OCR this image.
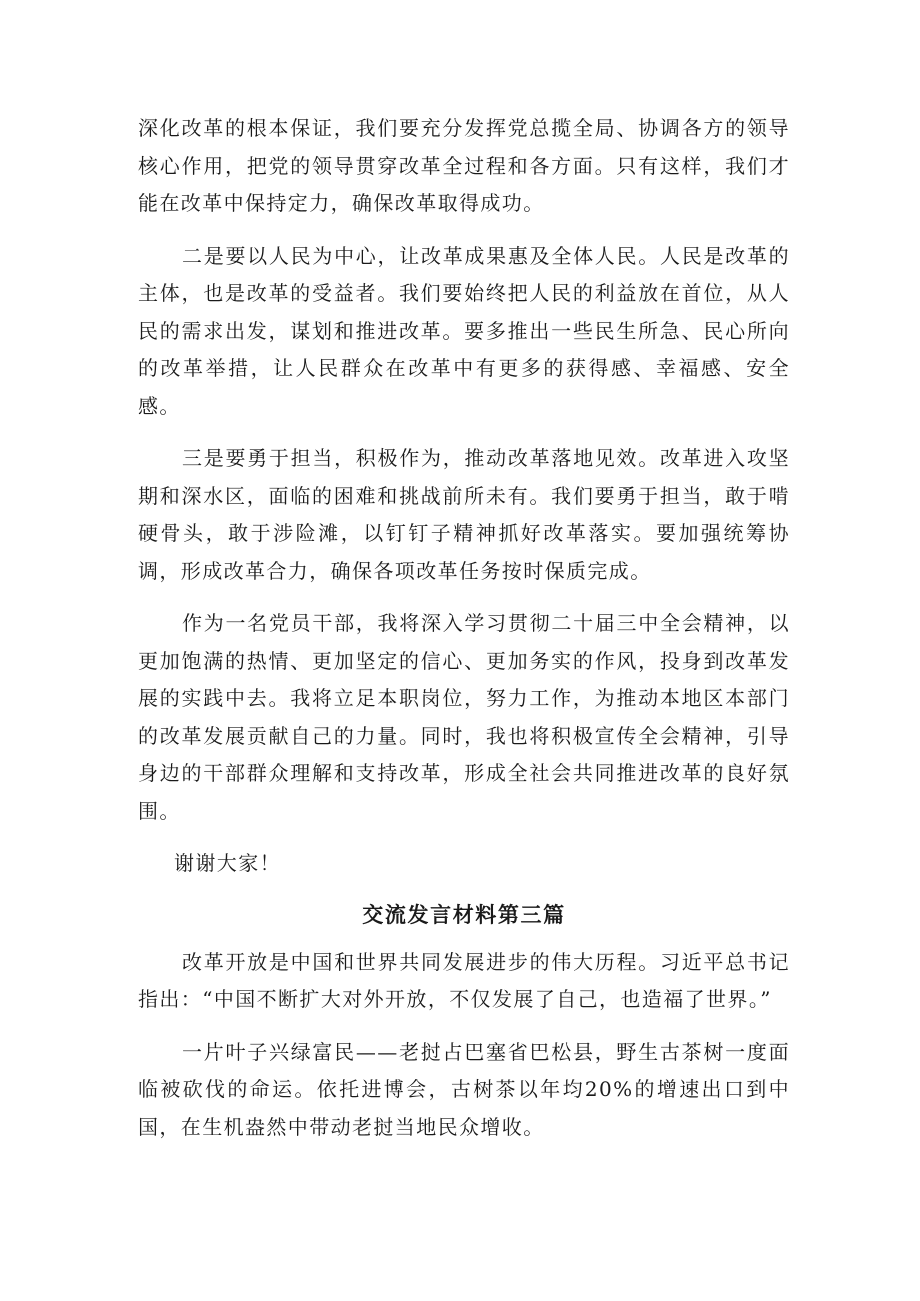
深化改革的根本保证，我们要充分发挥党总揽全局、协调各方的领导核心作用，把党的领导贯穿改革全过程和各方面。只有这样，我们才能在改革中保持定力，确保改革取得成功。

二是要以人民为中心，让改革成果惠及全体人民。人民是改革的主体，也是改革的受益者。我们要始终把人民的利益放在首位，从人民的需求出发，谋划和推进改革。要多推出一些民生所急、民心所向的改革举措，让人民群众在改革中有更多的获得感、幸福感、安全感。

三是要勇于担当，积极作为，推动改革落地见效。改革进入攻坚期和深水区，面临的困难和挑战前所未有。我们要勇于担当，敢于啃硬骨头，敢于涉险滩，以钉钉子精神抓好改革落实。要加强统筹协调，形成改革合力，确保各项改革任务按时保质完成。

作为一名党员干部，我将深入学习贯彻二十届三中全会精神，以更加饱满的热情、更加坚定的信心、更加务实的作风，投身到改革发展的实践中去。我将立足本职岗位，努力工作，为推动本地区本部门的改革发展贡献自己的力量。同时，我也将积极宣传全会精神，引导身边的干部群众理解和支持改革，形成全社会共同推进改革的良好氛围。

谢谢大家！

交流发言材料第三篇

改革开放是中国和世界共同发展进步的伟大历程。习近平总书记指出：“中国不断扩大对外开放，不仅发展了自己，也造福了世界。”

一片叶子兴绿富民——老挝占巴塞省巴松县，野生古茶树一度面临被砍伐的命运。依托进博会，古树茶以年均20%的增速出口到中国，在生机盎然中带动老挝当地民众增收。
